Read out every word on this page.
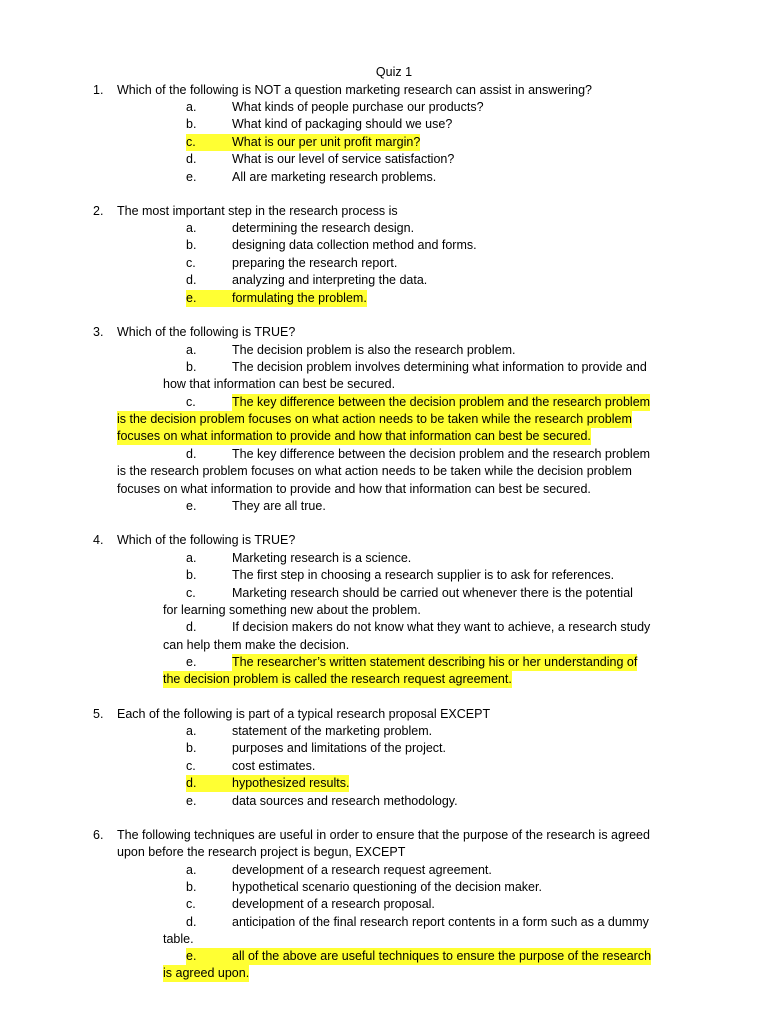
Quiz 1
1. Which of the following is NOT a question marketing research can assist in answering?
a.	What kinds of people purchase our products?
b.	What kind of packaging should we use?
c.	What is our per unit profit margin?
d.	What is our level of service satisfaction?
e.	All are marketing research problems.
2. The most important step in the research process is
a.	determining the research design.
b.	designing data collection method and forms.
c.	preparing the research report.
d.	analyzing and interpreting the data.
e.	formulating the problem.
3. Which of the following is TRUE?
a.	The decision problem is also the research problem.
b.	The decision problem involves determining what information to provide and
how that information can best be secured.
c.	The key difference between the decision problem and the research problem
is the decision problem focuses on what action needs to be taken while the research problem
focuses on what information to provide and how that information can best be secured.
d.	The key difference between the decision problem and the research problem
is the research problem focuses on what action needs to be taken while the decision problem
focuses on what information to provide and how that information can best be secured.
e.	They are all true.
4. Which of the following is TRUE?
a.	Marketing research is a science.
b.	The first step in choosing a research supplier is to ask for references.
c.	Marketing research should be carried out whenever there is the potential
for learning something new about the problem.
d.	If decision makers do not know what they want to achieve, a research study
can help them make the decision.
e.	The researcher’s written statement describing his or her understanding of
the decision problem is called the research request agreement.
5. Each of the following is part of a typical research proposal EXCEPT
a.	statement of the marketing problem.
b.	purposes and limitations of the project.
c.	cost estimates.
d.	hypothesized results.
e.	data sources and research methodology.
6. The following techniques are useful in order to ensure that the purpose of the research is agreed
upon before the research project is begun, EXCEPT
a.	development of a research request agreement.
b.	hypothetical scenario questioning of the decision maker.
c.	development of a research proposal.
d.	anticipation of the final research report contents in a form such as a dummy
table.
e.	all of the above are useful techniques to ensure the purpose of the research
is agreed upon.
